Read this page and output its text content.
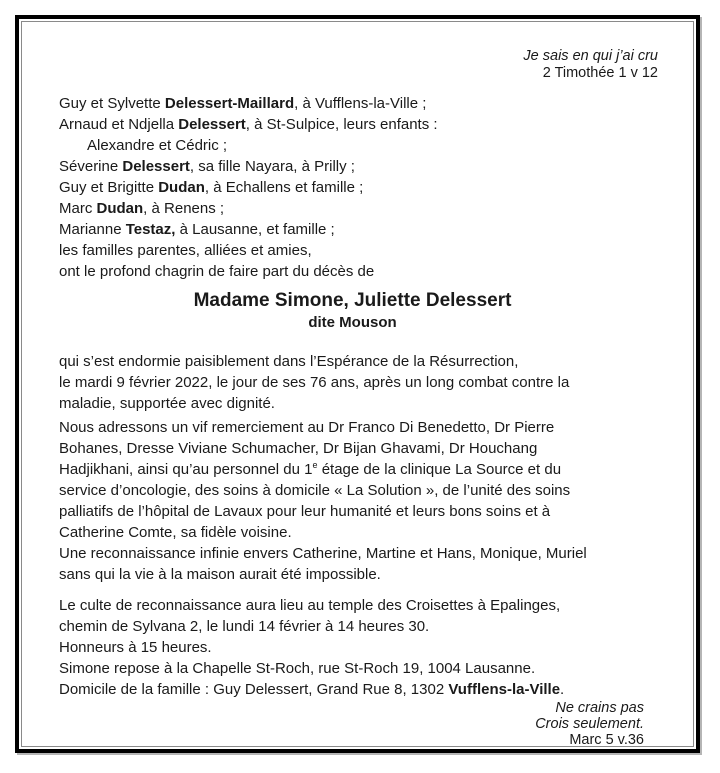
Je sais en qui j’ai cru
2 Timothée 1 v 12
Guy et Sylvette Delessert-Maillard, à Vufflens-la-Ville ;
Arnaud et Ndjella Delessert, à St-Sulpice, leurs enfants :
Alexandre et Cédric ;
Séverine Delessert, sa fille Nayara, à Prilly ;
Guy et Brigitte Dudan, à Echallens et famille ;
Marc Dudan, à Renens ;
Marianne Testaz, à Lausanne, et famille ;
les familles parentes, alliées et amies,
ont le profond chagrin de faire part du décès de
Madame Simone, Juliette Delessert
dite Mouson
qui s’est endormie paisiblement dans l’Espérance de la Résurrection,
le mardi 9 février 2022, le jour de ses 76 ans, après un long combat contre la
maladie, supportée avec dignité.
Nous adressons un vif remerciement au Dr Franco Di Benedetto, Dr Pierre
Bohanes, Dresse Viviane Schumacher, Dr Bijan Ghavami, Dr Houchang
Hadjikhani, ainsi qu’au personnel du 1e étage de la clinique La Source et du
service d’oncologie, des soins à domicile « La Solution », de l’unité des soins
palliatifs de l’hôpital de Lavaux pour leur humanité et leurs bons soins et à
Catherine Comte, sa fidèle voisine.
Une reconnaissance infinie envers Catherine, Martine et Hans, Monique, Muriel
sans qui la vie à la maison aurait été impossible.
Le culte de reconnaissance aura lieu au temple des Croisettes à Epalinges,
chemin de Sylvana 2, le lundi 14 février à 14 heures 30.
Honneurs à 15 heures.
Simone repose à la Chapelle St-Roch, rue St-Roch 19, 1004 Lausanne.
Domicile de la famille : Guy Delessert, Grand Rue 8, 1302 Vufflens-la-Ville.
Ne crains pas
Crois seulement.
Marc 5 v.36
